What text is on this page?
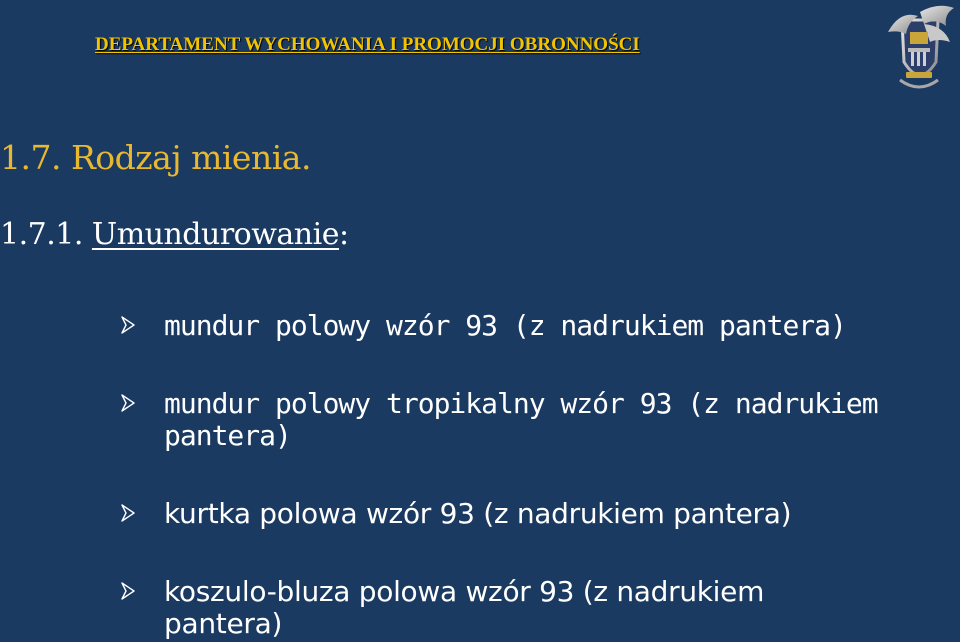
DEPARTAMENT WYCHOWANIA I PROMOCJI OBRONNOŚCI
1.7. Rodzaj mienia.
1.7.1. Umundurowanie:
mundur polowy wzór 93 (z nadrukiem pantera)
mundur polowy tropikalny wzór 93 (z nadrukiem pantera)
kurtka polowa wzór 93 (z nadrukiem pantera)
koszulo-bluza polowa wzór 93 (z nadrukiem pantera)
